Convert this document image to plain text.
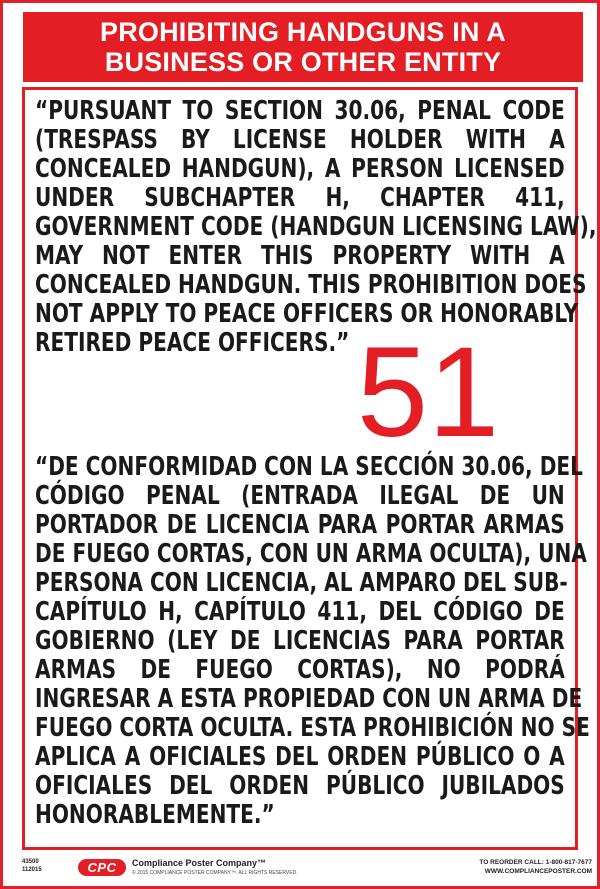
PROHIBITING HANDGUNS IN A
BUSINESS OR OTHER ENTITY
“PURSUANT TO SECTION 30.06, PENAL CODE
(TRESPASS BY LICENSE HOLDER WITH A
CONCEALED HANDGUN), A PERSON LICENSED
UNDER SUBCHAPTER H, CHAPTER 411,
GOVERNMENT CODE (HANDGUN LICENSING LAW),
MAY NOT ENTER THIS PROPERTY WITH A
CONCEALED HANDGUN. THIS PROHIBITION DOES
NOT APPLY TO PEACE OFFICERS OR HONORABLY
RETIRED PEACE OFFICERS.” 51
“DE CONFORMIDAD CON LA SECCIÓN 30.06, DEL
CÓDIGO PENAL (ENTRADA ILEGAL DE UN
PORTADOR DE LICENCIA PARA PORTAR ARMAS
DE FUEGO CORTAS, CON UN ARMA OCULTA), UNA
PERSONA CON LICENCIA, AL AMPARO DEL SUB-
CAPÍTULO H, CAPÍTULO 411, DEL CÓDIGO DE
GOBIERNO (LEY DE LICENCIAS PARA PORTAR
ARMAS DE FUEGO CORTAS), NO PODRÁ
INGRESAR A ESTA PROPIEDAD CON UN ARMA DE
FUEGO CORTA OCULTA. ESTA PROHIBICIÓN NO SE
APLICA A OFICIALES DEL ORDEN PÚBLICO O A
OFICIALES DEL ORDEN PÚBLICO JUBILADOS
HONORABLEMENTE.”
43500
112015	CPC	Compliance Poster Company™
© 2015 COMPLIANCE POSTER COMPANY™. ALL RIGHTS RESERVED.
TO REORDER CALL: 1-800-817-7677
WWW.COMPLIANCEPOSTER.COM
